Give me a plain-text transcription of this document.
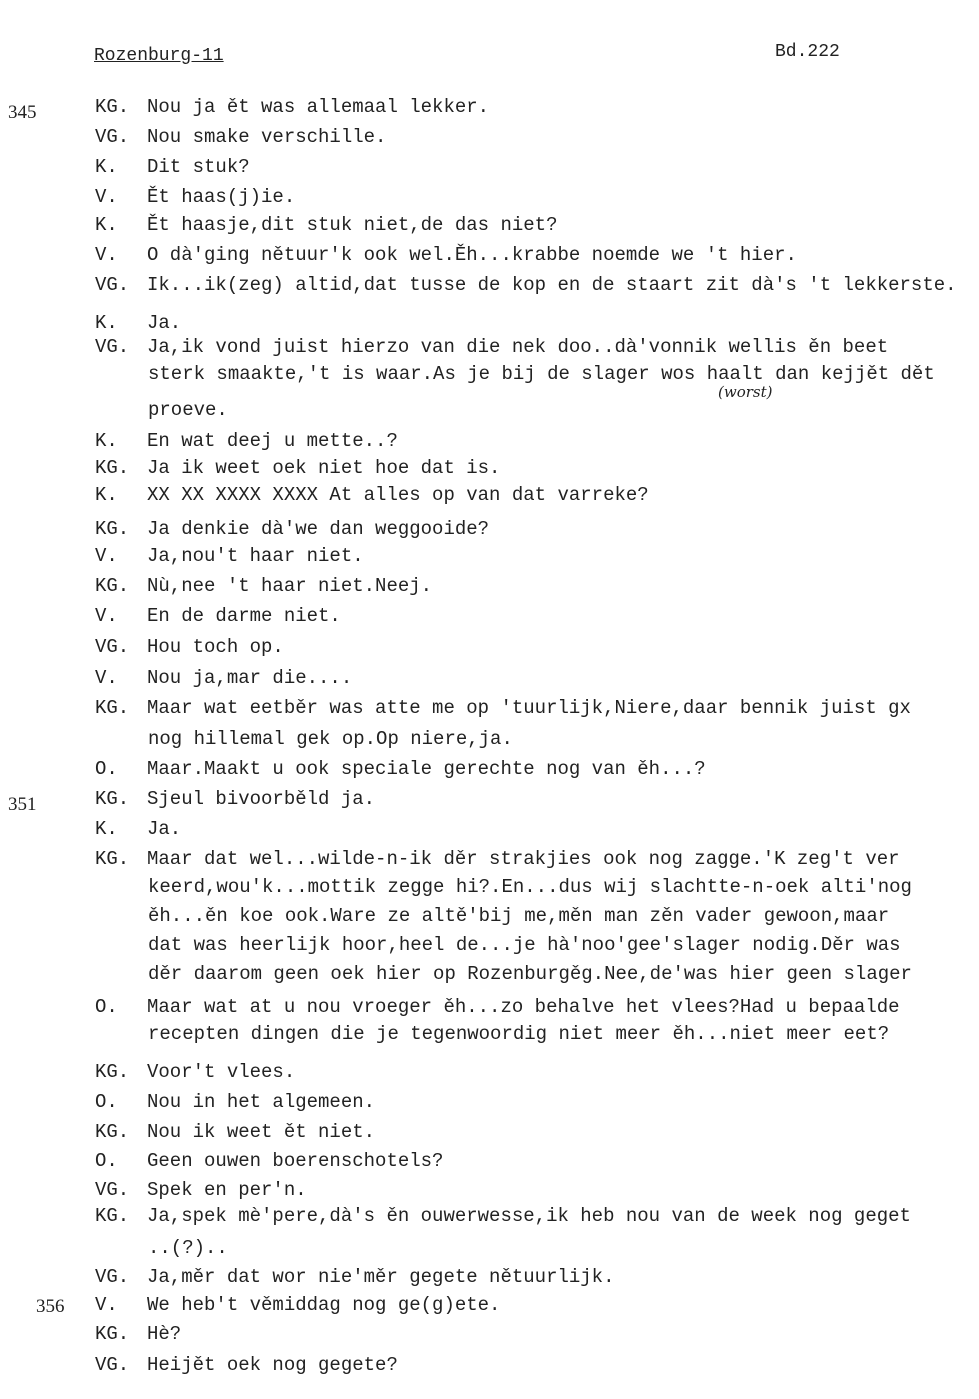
Rozenburg-11	Bd.222
345
351
356
(worst)
KG. Nou ja ět was allemaal lekker.
VG. Nou smake verschille.
K. Dit stuk?
V. Ět haas(j)ie.
K. Ět haasje,dit stuk niet,de das niet?
V. O dà'ging nětuur'k ook wel.Ěh...krabbe noemde we 't hier.
VG. Ik...ik(zeg) altid,dat tusse de kop en de staart zit dà's 't lekkerste.
K. Ja.
VG. Ja,ik vond juist hierzo van die nek doo..dà'vonnik wellis ěn beet
sterk smaakte,'t is waar.As je bij de slager wos haalt dan kejjět dět
proeve.
K. En wat deej u mette..?
KG. Ja ik weet oek niet hoe dat is.
K. XX XX XXXX XXXX At alles op van dat varreke?
KG. Ja denkie dà'we dan weggooide?
V. Ja,nou't haar niet.
KG. Nù,nee 't haar niet.Neej.
V. En de darme niet.
VG. Hou toch op.
V. Nou ja,mar die....
KG. Maar wat eetběr was atte me op 'tuurlijk,Niere,daar bennik juist gx
nog hillemal gek op.Op niere,ja.
O. Maar.Maakt u ook speciale gerechte nog van ěh...?
KG. Sjeul bivoorběld ja.
K. Ja.
KG. Maar dat wel...wilde-n-ik děr strakjies ook nog zagge.'K zeg't ver
keerd,wou'k...mottik zegge hi?.En...dus wij slachtte-n-oek alti'nog
ěh...ěn koe ook.Ware ze altě'bij me,měn man zěn vader gewoon,maar
dat was heerlijk hoor,heel de...je hà'noo'gee'slager nodig.Děr was
děr daarom geen oek hier op Rozenburgěg.Nee,de'was hier geen slager
O. Maar wat at u nou vroeger ěh...zo behalve het vlees?Had u bepaalde
recepten dingen die je tegenwoordig niet meer ěh...niet meer eet?
KG. Voor't vlees.
O. Nou in het algemeen.
KG. Nou ik weet ět niet.
O. Geen ouwen boerenschotels?
VG. Spek en per'n.
KG. Ja,spek mè'pere,dà's ěn ouwerwesse,ik heb nou van de week nog geget
..(?)..
VG. Ja,měr dat wor nie'měr gegete nětuurlijk.
V. We heb't věmiddag nog ge(g)ete.
KG. Hè?
VG. Heijět oek nog gegete?
